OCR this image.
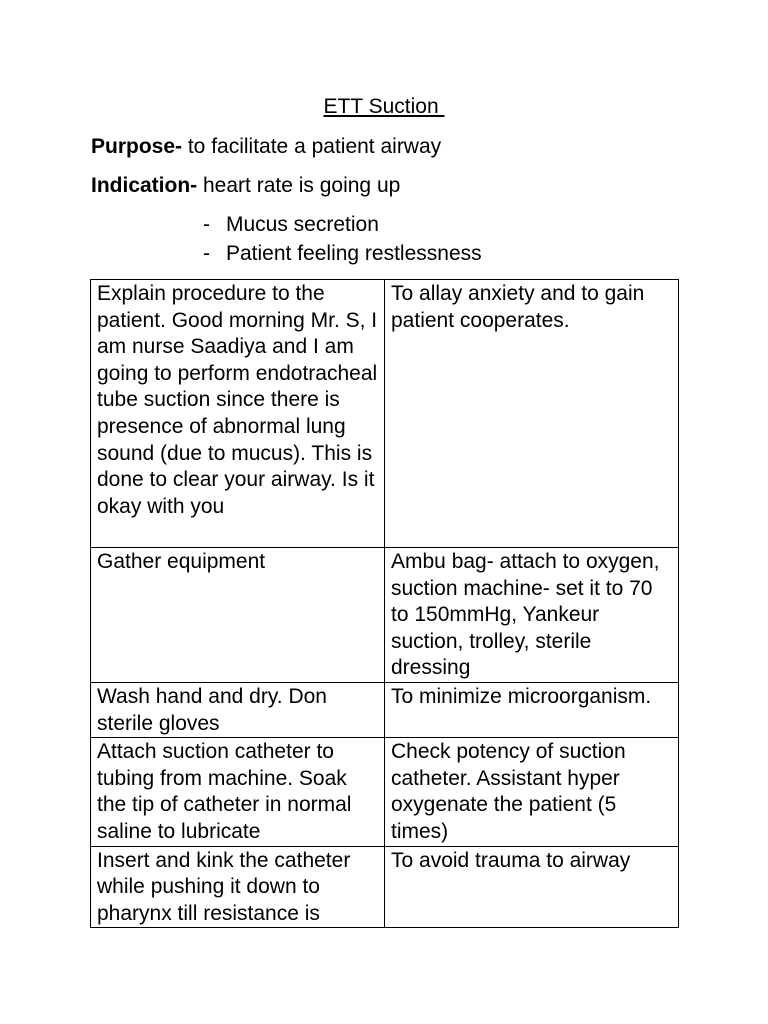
ETT Suction
Purpose- to facilitate a patient airway
Indication- heart rate is going up
- Mucus secretion
- Patient feeling restlessness
Explain procedure to the patient. Good morning Mr. S, I am nurse Saadiya and I am going to perform endotracheal tube suction since there is presence of abnormal lung sound (due to mucus). This is done to clear your airway. Is it okay with you	To allay anxiety and to gain patient cooperates.
Gather equipment	Ambu bag- attach to oxygen, suction machine- set it to 70 to 150mmHg, Yankeur suction, trolley, sterile dressing
Wash hand and dry. Don sterile gloves	To minimize microorganism.
Attach suction catheter to tubing from machine. Soak the tip of catheter in normal saline to lubricate	Check potency of suction catheter. Assistant hyper oxygenate the patient (5 times)
Insert and kink the catheter while pushing it down to pharynx till resistance is	To avoid trauma to airway
